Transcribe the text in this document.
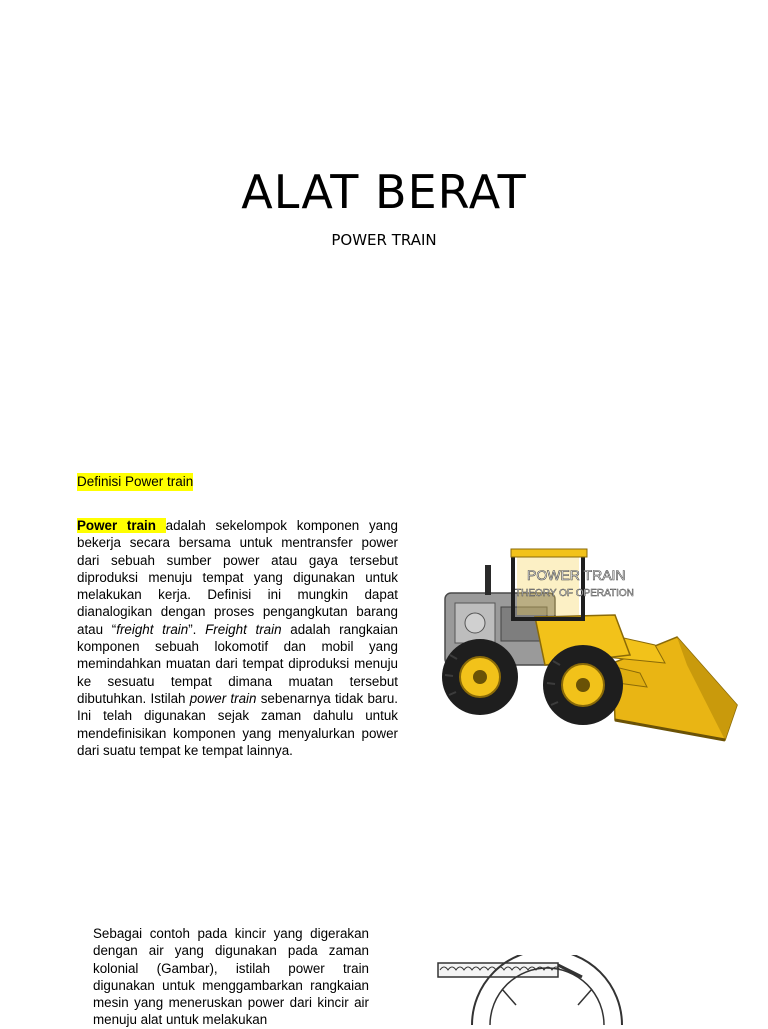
ALAT BERAT
POWER TRAIN
Definisi Power train
Power train adalah sekelompok komponen yang bekerja secara bersama untuk mentransfer power dari sebuah sumber power atau gaya tersebut diproduksi menuju tempat yang digunakan untuk melakukan kerja. Definisi ini mungkin dapat dianalogikan dengan proses pengangkutan barang atau “freight train”. Freight train adalah rangkaian komponen sebuah lokomotif dan mobil yang memindahkan muatan dari tempat diproduksi menuju ke sesuatu tempat dimana muatan tersebut dibutuhkan. Istilah power train sebenarnya tidak baru. Ini telah digunakan sejak zaman dahulu untuk mendefinisikan komponen yang menyalurkan power dari suatu tempat ke tempat lainnya.
POWER TRAIN
THEORY OF OPERATION
Sebagai contoh pada kincir yang digerakan dengan air yang digunakan pada zaman kolonial (Gambar), istilah power train digunakan untuk menggambarkan rangkaian mesin yang meneruskan power dari kincir air menuju alat untuk melakukan
